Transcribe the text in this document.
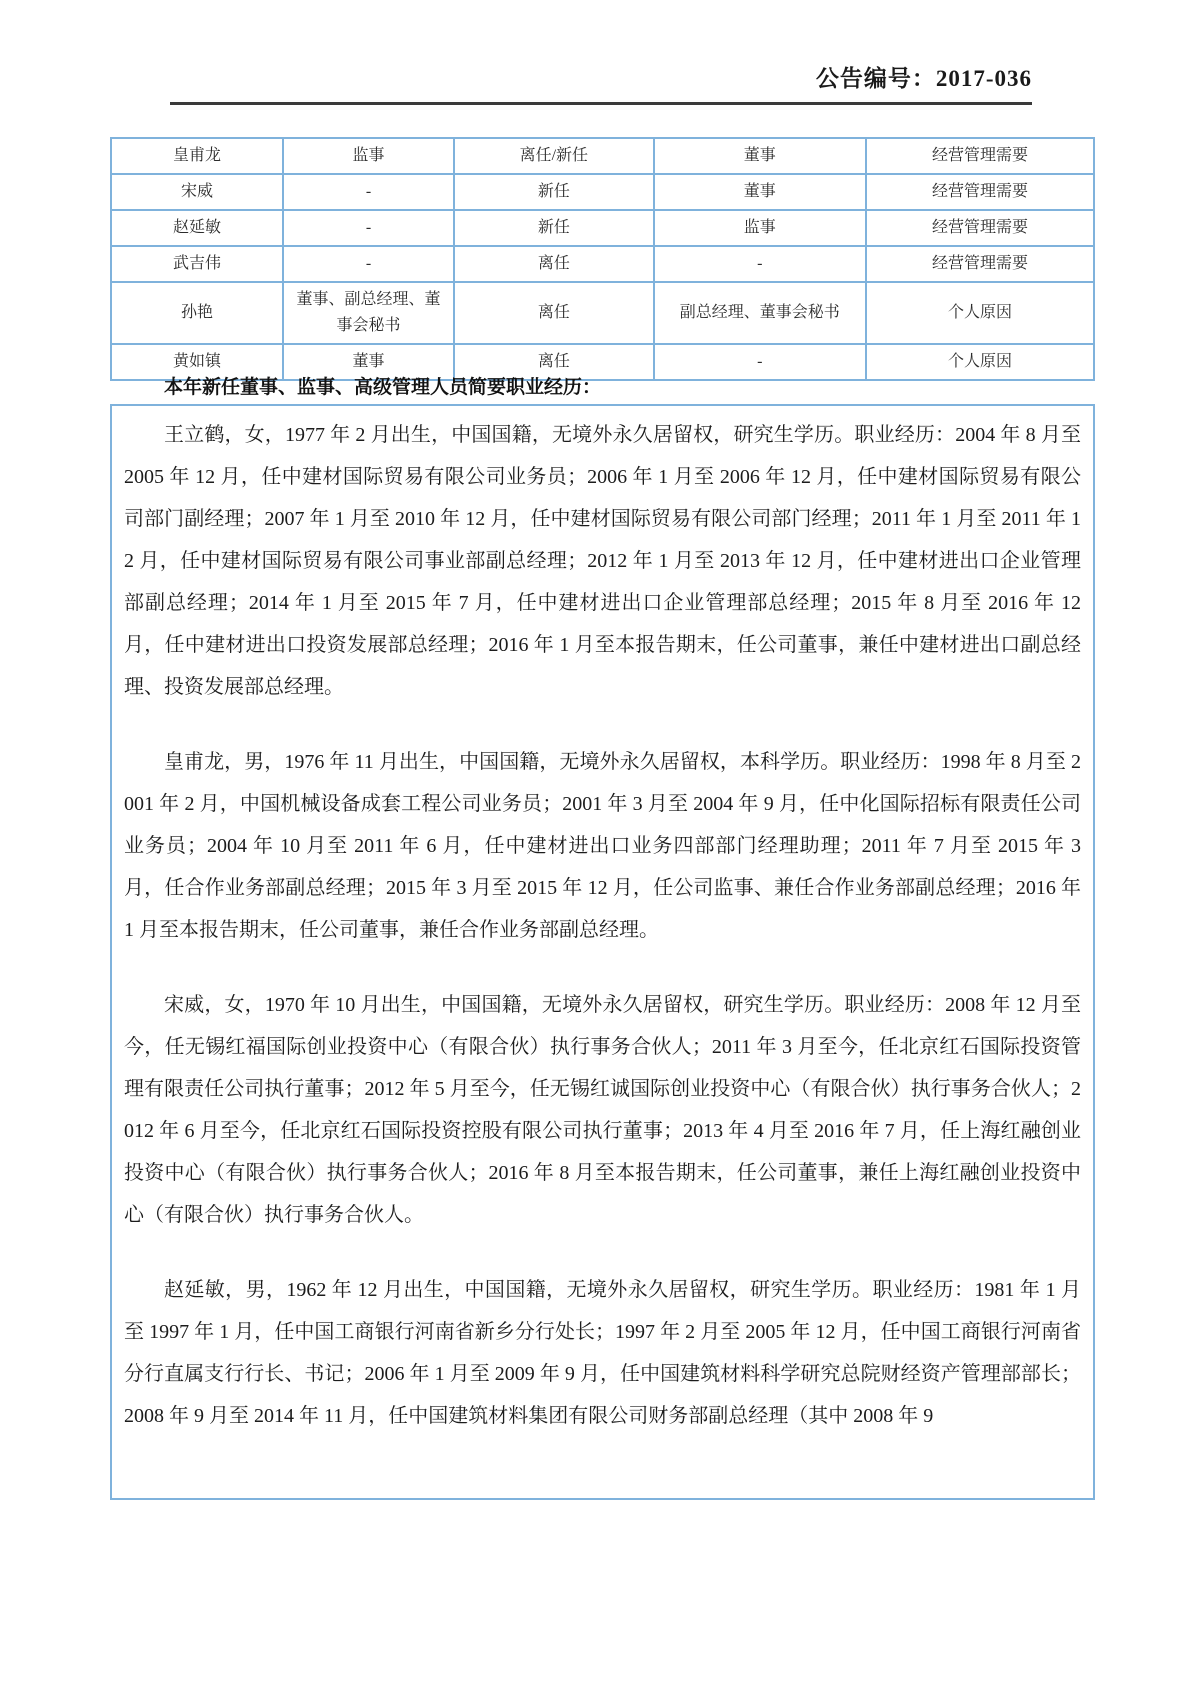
公告编号：2017-036
皇甫龙	监事	离任/新任	董事	经营管理需要
宋威	-	新任	董事	经营管理需要
赵延敏	-	新任	监事	经营管理需要
武吉伟	-	离任	-	经营管理需要
孙艳	董事、副总经理、董事会秘书	离任	副总经理、董事会秘书	个人原因
黄如镇	董事	离任	-	个人原因
本年新任董事、监事、高级管理人员简要职业经历：

王立鹤，女，1977 年 2 月出生，中国国籍，无境外永久居留权，研究生学历。职业经历：2004 年 8 月至 2005 年 12 月，任中建材国际贸易有限公司业务员；2006 年 1 月至 2006 年 12 月，任中建材国际贸易有限公司部门副经理；2007 年 1 月至 2010 年 12 月，任中建材国际贸易有限公司部门经理；2011 年 1 月至 2011 年 12 月，任中建材国际贸易有限公司事业部副总经理；2012 年 1 月至 2013 年 12 月，任中建材进出口企业管理部副总经理；2014 年 1 月至 2015 年 7 月，任中建材进出口企业管理部总经理；2015 年 8 月至 2016 年 12 月，任中建材进出口投资发展部总经理；2016 年 1 月至本报告期末，任公司董事，兼任中建材进出口副总经理、投资发展部总经理。

皇甫龙，男，1976 年 11 月出生，中国国籍，无境外永久居留权，本科学历。职业经历：1998 年 8 月至 2001 年 2 月，中国机械设备成套工程公司业务员；2001 年 3 月至 2004 年 9 月，任中化国际招标有限责任公司业务员；2004 年 10 月至 2011 年 6 月，任中建材进出口业务四部部门经理助理；2011 年 7 月至 2015 年 3 月，任合作业务部副总经理；2015 年 3 月至 2015 年 12 月，任公司监事、兼任合作业务部副总经理；2016 年 1 月至本报告期末，任公司董事，兼任合作业务部副总经理。

宋威，女，1970 年 10 月出生，中国国籍，无境外永久居留权，研究生学历。职业经历：2008 年 12 月至今，任无锡红福国际创业投资中心（有限合伙）执行事务合伙人；2011 年 3 月至今，任北京红石国际投资管理有限责任公司执行董事；2012 年 5 月至今，任无锡红诚国际创业投资中心（有限合伙）执行事务合伙人；2012 年 6 月至今，任北京红石国际投资控股有限公司执行董事；2013 年 4 月至 2016 年 7 月，任上海红融创业投资中心（有限合伙）执行事务合伙人；2016 年 8 月至本报告期末，任公司董事，兼任上海红融创业投资中心（有限合伙）执行事务合伙人。

赵延敏，男，1962 年 12 月出生，中国国籍，无境外永久居留权，研究生学历。职业经历：1981 年 1 月至 1997 年 1 月，任中国工商银行河南省新乡分行处长；1997 年 2 月至 2005 年 12 月，任中国工商银行河南省分行直属支行行长、书记；2006 年 1 月至 2009 年 9 月，任中国建筑材料科学研究总院财经资产管理部部长；2008 年 9 月至 2014 年 11 月，任中国建筑材料集团有限公司财务部副总经理（其中 2008 年 9
